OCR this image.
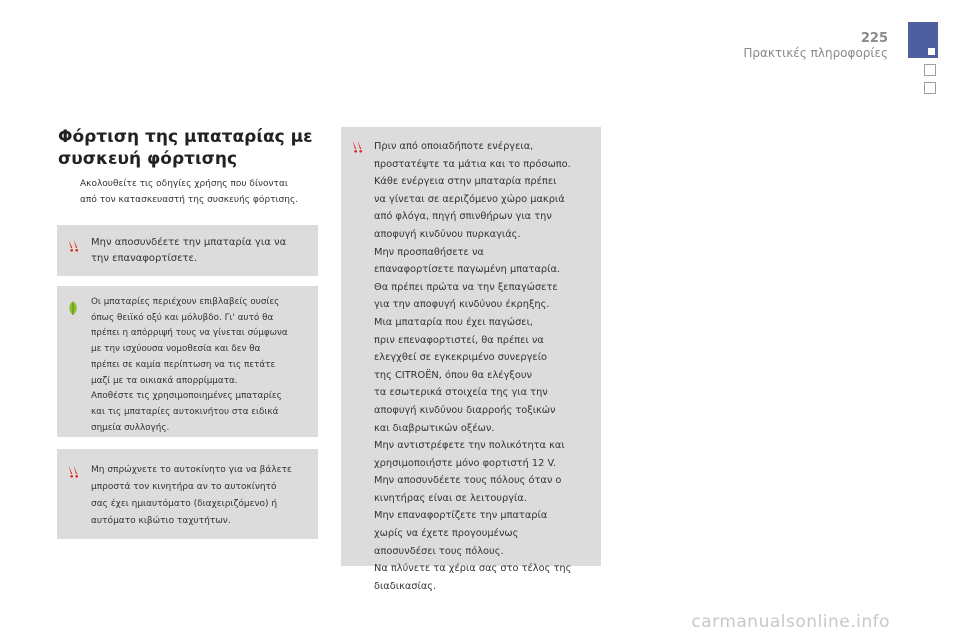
225
Πρακτικές πληροφορίες
Φόρτιση της μπαταρίας με
συσκευή φόρτισης
Ακολουθείτε τις οδηγίες χρήσης που δίνονται
από τον κατασκευαστή της συσκευής φόρτισης.
Μην αποσυνδέετε την μπαταρία για να
την επαναφορτίσετε.
Οι μπαταρίες περιέχουν επιβλαβείς ουσίες
όπως θειϊκό οξύ και μόλυβδο. Γι' αυτό θα
πρέπει η απόρριψή τους να γίνεται σύμφωνα
με την ισχύουσα νομοθεσία και δεν θα
πρέπει σε καμία περίπτωση να τις πετάτε
μαζί με τα οικιακά απορρίμματα.
Αποθέστε τις χρησιμοποιημένες μπαταρίες
και τις μπαταρίες αυτοκινήτου στα ειδικά
σημεία συλλογής.
Μη σπρώχνετε το αυτοκίνητο για να βάλετε
μπροστά τον κινητήρα αν το αυτοκίνητό
σας έχει ημιαυτόματο (διαχειριζόμενο) ή
αυτόματο κιβώτιο ταχυτήτων.
Πριν από οποιαδήποτε ενέργεια,
προστατέψτε τα μάτια και το πρόσωπο.
Κάθε ενέργεια στην μπαταρία πρέπει
να γίνεται σε αεριζόμενο χώρο μακριά
από φλόγα, πηγή σπινθήρων για την
αποφυγή κινδύνου πυρκαγιάς.
Μην προσπαθήσετε να
επαναφορτίσετε παγωμένη μπαταρία.
Θα πρέπει πρώτα να την ξεπαγώσετε
για την αποφυγή κινδύνου έκρηξης.
Μια μπαταρία που έχει παγώσει,
πριν επεναφορτιστεί, θα πρέπει να
ελεγχθεί σε εγκεκριμένο συνεργείο
της CITROËN, όπου θα ελέγξουν
τα εσωτερικά στοιχεία της για την
αποφυγή κινδύνου διαρροής τοξικών
και διαβρωτικών οξέων.
Μην αντιστρέφετε την πολικότητα και
χρησιμοποιήστε μόνο φορτιστή 12 V.
Μην αποσυνδέετε τους πόλους όταν ο
κινητήρας είναι σε λειτουργία.
Μην επαναφορτίζετε την μπαταρία
χωρίς να έχετε προγουμένως
αποσυνδέσει τους πόλους.
Να πλύνετε τα χέρια σας στο τέλος της
διαδικασίας.
carmanualsonline.info
